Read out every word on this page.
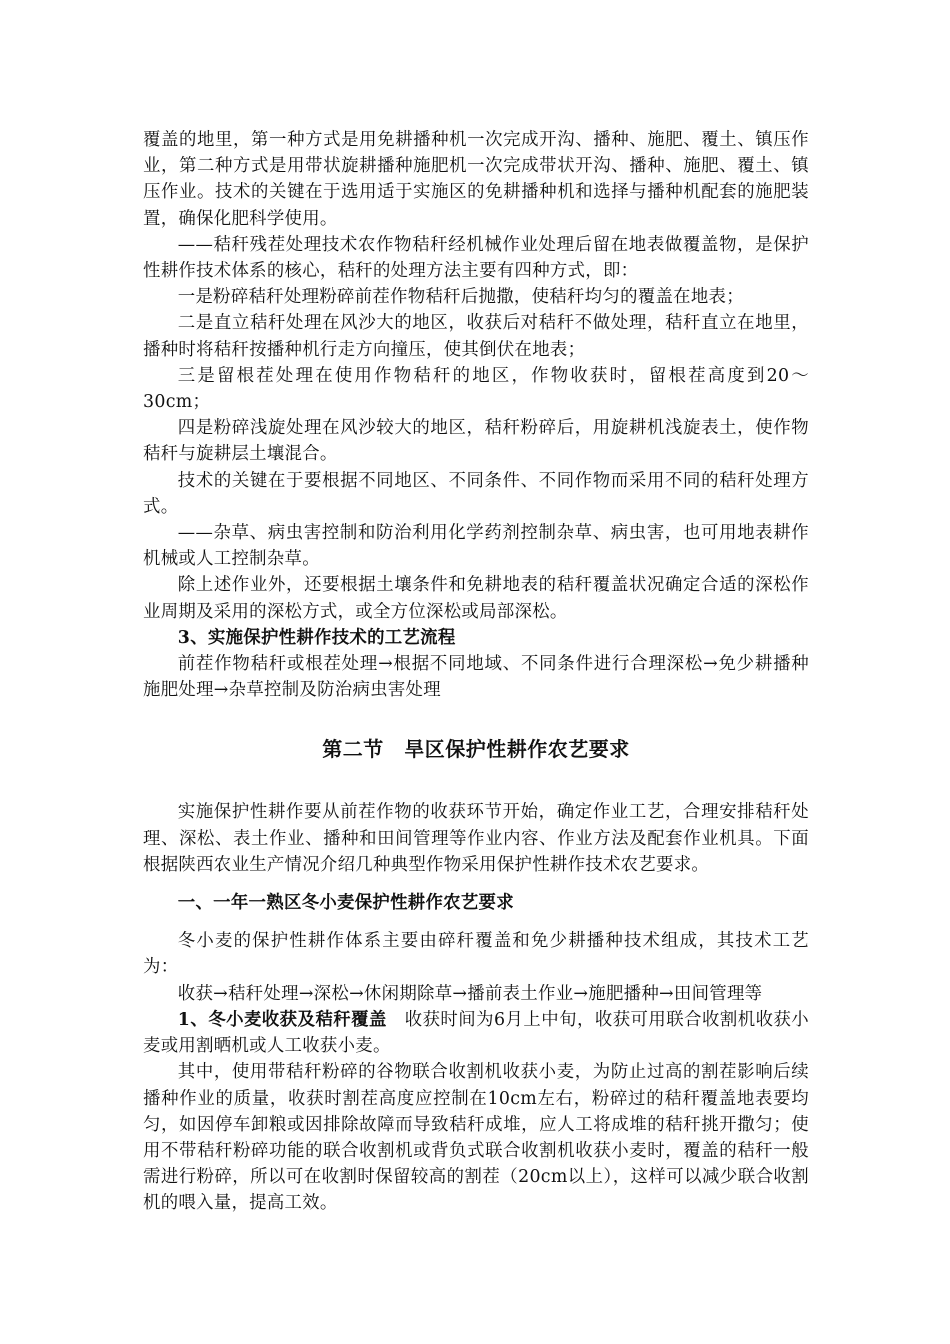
覆盖的地里，第一种方式是用免耕播种机一次完成开沟、播种、施肥、覆土、镇压作业，第二种方式是用带状旋耕播种施肥机一次完成带状开沟、播种、施肥、覆土、镇压作业。技术的关键在于选用适于实施区的免耕播种机和选择与播种机配套的施肥装置，确保化肥科学使用。

——秸秆残茬处理技术农作物秸秆经机械作业处理后留在地表做覆盖物，是保护性耕作技术体系的核心，秸秆的处理方法主要有四种方式，即：

一是粉碎秸秆处理粉碎前茬作物秸秆后抛撒，使秸秆均匀的覆盖在地表；

二是直立秸秆处理在风沙大的地区，收获后对秸秆不做处理，秸秆直立在地里，播种时将秸秆按播种机行走方向撞压，使其倒伏在地表；

三是留根茬处理在使用作物秸秆的地区，作物收获时，留根茬高度到20～30cm；

四是粉碎浅旋处理在风沙较大的地区，秸秆粉碎后，用旋耕机浅旋表土，使作物秸秆与旋耕层土壤混合。

技术的关键在于要根据不同地区、不同条件、不同作物而采用不同的秸秆处理方式。

——杂草、病虫害控制和防治利用化学药剂控制杂草、病虫害，也可用地表耕作机械或人工控制杂草。

除上述作业外，还要根据土壤条件和免耕地表的秸秆覆盖状况确定合适的深松作业周期及采用的深松方式，或全方位深松或局部深松。

3、实施保护性耕作技术的工艺流程

前茬作物秸秆或根茬处理→根据不同地域、不同条件进行合理深松→免少耕播种施肥处理→杂草控制及防治病虫害处理

第二节　旱区保护性耕作农艺要求

实施保护性耕作要从前茬作物的收获环节开始，确定作业工艺，合理安排秸秆处理、深松、表土作业、播种和田间管理等作业内容、作业方法及配套作业机具。下面根据陕西农业生产情况介绍几种典型作物采用保护性耕作技术农艺要求。

一、一年一熟区冬小麦保护性耕作农艺要求

冬小麦的保护性耕作体系主要由碎秆覆盖和免少耕播种技术组成，其技术工艺为：

收获→秸秆处理→深松→休闲期除草→播前表土作业→施肥播种→田间管理等

1、冬小麦收获及秸秆覆盖　收获时间为6月上中旬，收获可用联合收割机收获小麦或用割晒机或人工收获小麦。

其中，使用带秸秆粉碎的谷物联合收割机收获小麦，为防止过高的割茬影响后续播种作业的质量，收获时割茬高度应控制在10cm左右，粉碎过的秸秆覆盖地表要均匀，如因停车卸粮或因排除故障而导致秸秆成堆，应人工将成堆的秸秆挑开撒匀；使用不带秸秆粉碎功能的联合收割机或背负式联合收割机收获小麦时，覆盖的秸秆一般需进行粉碎，所以可在收割时保留较高的割茬（20cm以上），这样可以减少联合收割机的喂入量，提高工效。
